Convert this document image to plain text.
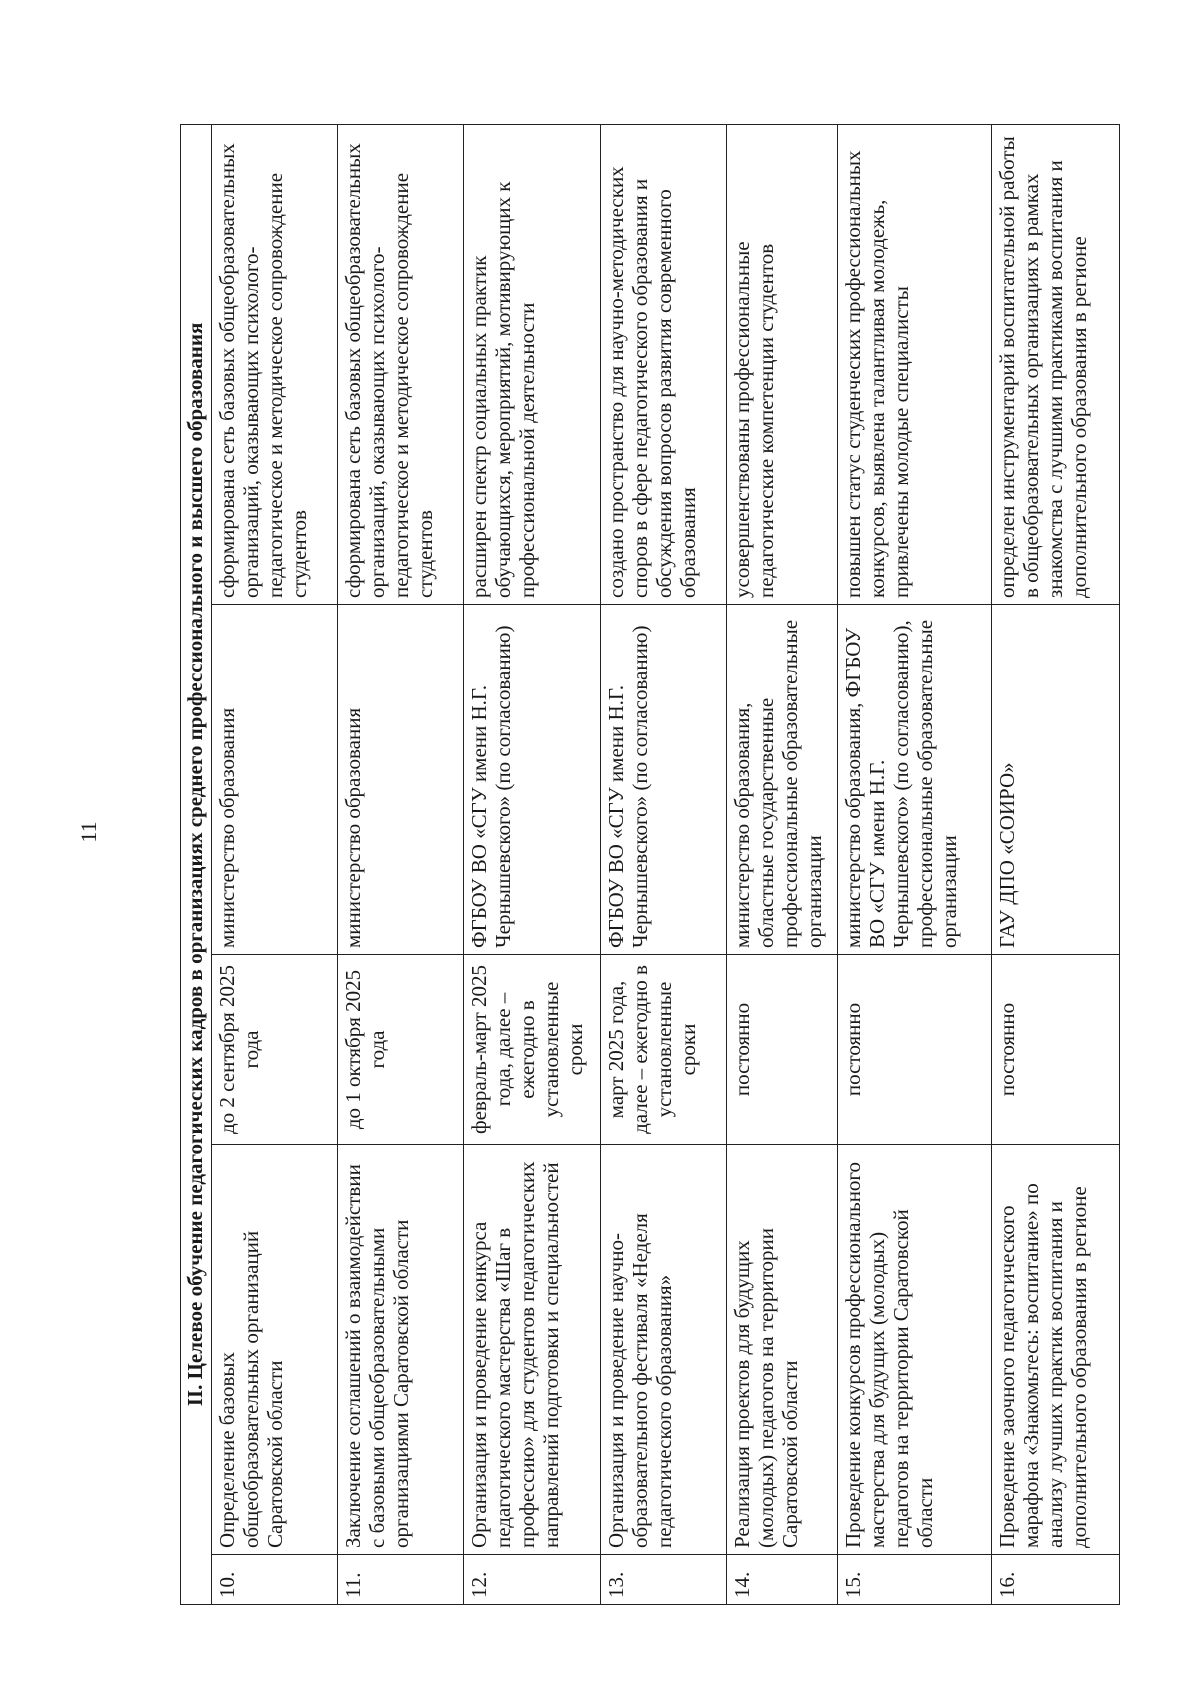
11	II. Целевое обучение педагогических кадров в организациях среднего профессионального и высшего образования				
10.	Определение базовых общеобразовательных организаций Саратовской области	до 2 сентября 2025 года	министерство образования	сформирована сеть базовых общеобразовательных организаций, оказывающих психолого-педагогическое и методическое сопровождение студентов
11.	Заключение соглашений о взаимодействии с базовыми общеобразовательными организациями Саратовской области	до 1 октября 2025 года	министерство образования	сформирована сеть базовых общеобразовательных организаций, оказывающих психолого-педагогическое и методическое сопровождение студентов
12.	Организация и проведение конкурса педагогического мастерства «Шаг в профессию» для студентов педагогических направлений подготовки и специальностей	февраль-март 2025 года, далее – ежегодно в установленные сроки	ФГБОУ ВО «СГУ имени Н.Г. Чернышевского» (по согласованию)	расширен спектр социальных практик обучающихся, мероприятий, мотивирующих к профессиональной деятельности
13.	Организация и проведение научно-образовательного фестиваля «Неделя педагогического образования»	март 2025 года, далее – ежегодно в установленные сроки	ФГБОУ ВО «СГУ имени Н.Г. Чернышевского» (по согласованию)	создано пространство для научно-методических споров в сфере педагогического образования и обсуждения вопросов развития современного образования
14.	Реализация проектов для будущих (молодых) педагогов на территории Саратовской области	постоянно	министерство образования, областные государственные профессиональные образовательные организации	усовершенствованы профессиональные педагогические компетенции студентов
15.	Проведение конкурсов профессионального мастерства для будущих (молодых) педагогов на территории Саратовской области	постоянно	министерство образования, ФГБОУ ВО «СГУ имени Н.Г. Чернышевского» (по согласованию), профессиональные образовательные организации	повышен статус студенческих профессиональных конкурсов, выявлена талантливая молодежь, привлечены молодые специалисты
16.	Проведение заочного педагогического марафона «Знакомьтесь: воспитание» по анализу лучших практик воспитания и дополнительного образования в регионе	постоянно	ГАУ ДПО «СОИРО»	определен инструментарий воспитательной работы в общеобразовательных организациях в рамках знакомства с лучшими практиками воспитания и дополнительного образования в регионе
